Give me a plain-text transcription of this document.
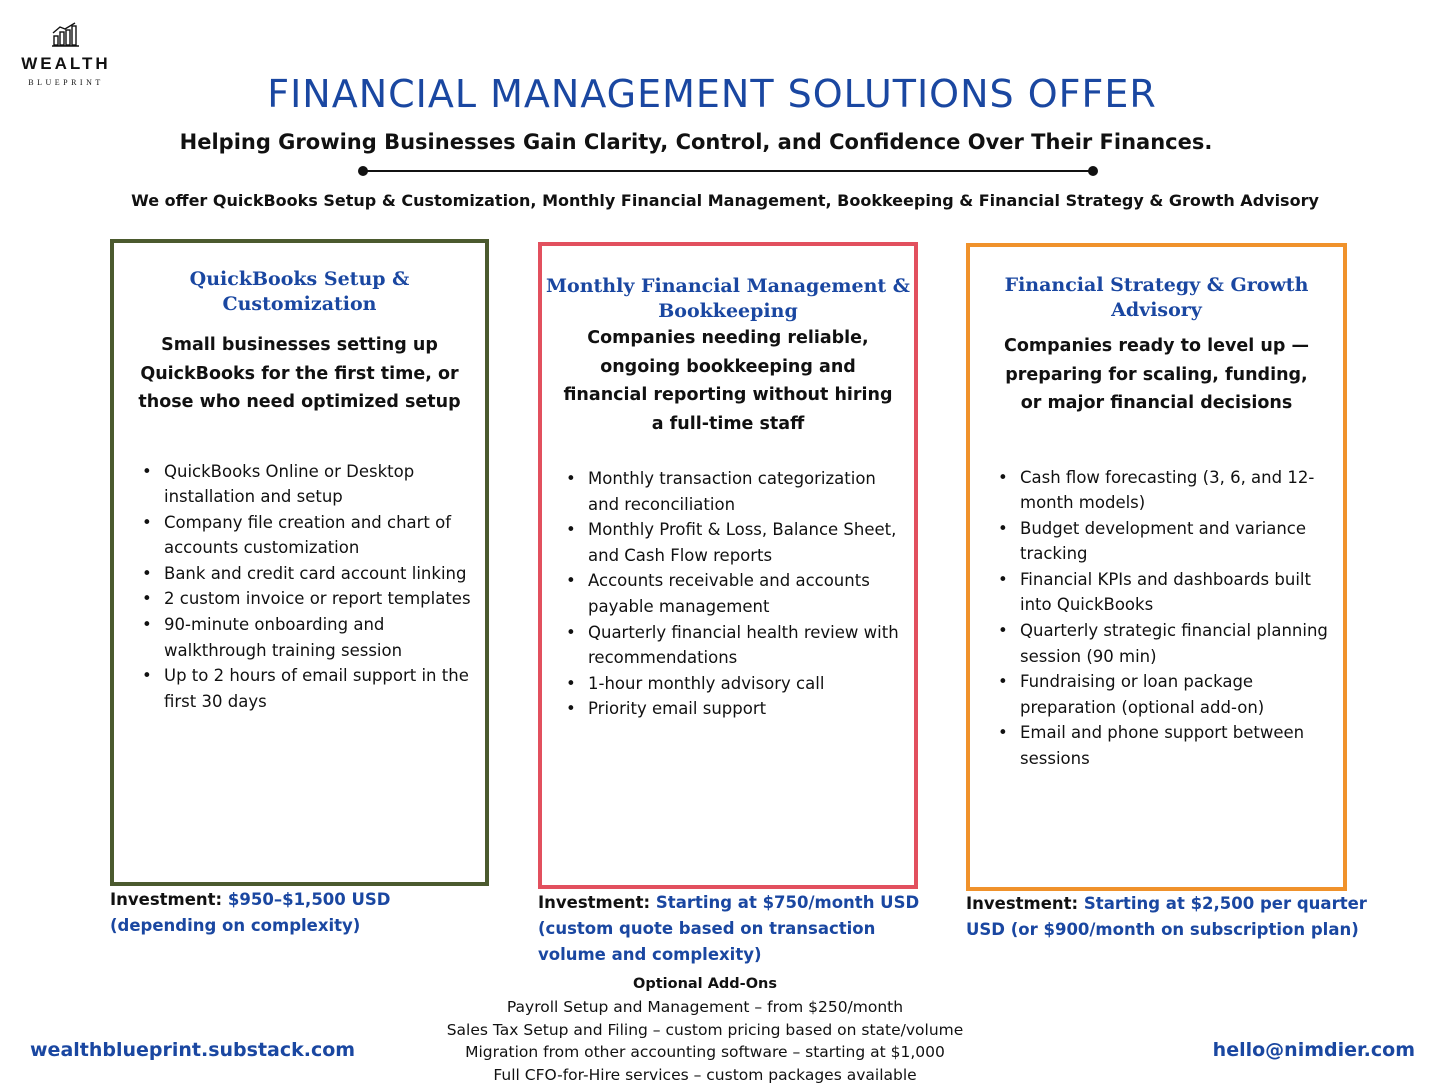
WEALTH
BLUEPRINT	FINANCIAL MANAGEMENT SOLUTIONS OFFER
Helping Growing Businesses Gain Clarity, Control, and Confidence Over Their Finances.
We offer QuickBooks Setup & Customization, Monthly Financial Management, Bookkeeping & Financial Strategy & Growth Advisory
QuickBooks Setup & Customization

Small businesses setting up QuickBooks for the first time, or those who need optimized setup

• QuickBooks Online or Desktop installation and setup
• Company file creation and chart of accounts customization
• Bank and credit card account linking
• 2 custom invoice or report templates
• 90-minute onboarding and walkthrough training session
• Up to 2 hours of email support in the first 30 days
Investment: $950–$1,500 USD (depending on complexity)
Monthly Financial Management & Bookkeeping

Companies needing reliable, ongoing bookkeeping and financial reporting without hiring a full-time staff

• Monthly transaction categorization and reconciliation
• Monthly Profit & Loss, Balance Sheet, and Cash Flow reports
• Accounts receivable and accounts payable management
• Quarterly financial health review with recommendations
• 1-hour monthly advisory call
• Priority email support
Investment: Starting at $750/month USD (custom quote based on transaction volume and complexity)
Financial Strategy & Growth Advisory

Companies ready to level up — preparing for scaling, funding, or major financial decisions

• Cash flow forecasting (3, 6, and 12-month models)
• Budget development and variance tracking
• Financial KPIs and dashboards built into QuickBooks
• Quarterly strategic financial planning session (90 min)
• Fundraising or loan package preparation (optional add-on)
• Email and phone support between sessions
Investment: Starting at $2,500 per quarter USD (or $900/month on subscription plan)
Optional Add-Ons
Payroll Setup and Management – from $250/month
Sales Tax Setup and Filing – custom pricing based on state/volume
Migration from other accounting software – starting at $1,000
Full CFO-for-Hire services – custom packages available
wealthblueprint.substack.com	hello@nimdier.com
